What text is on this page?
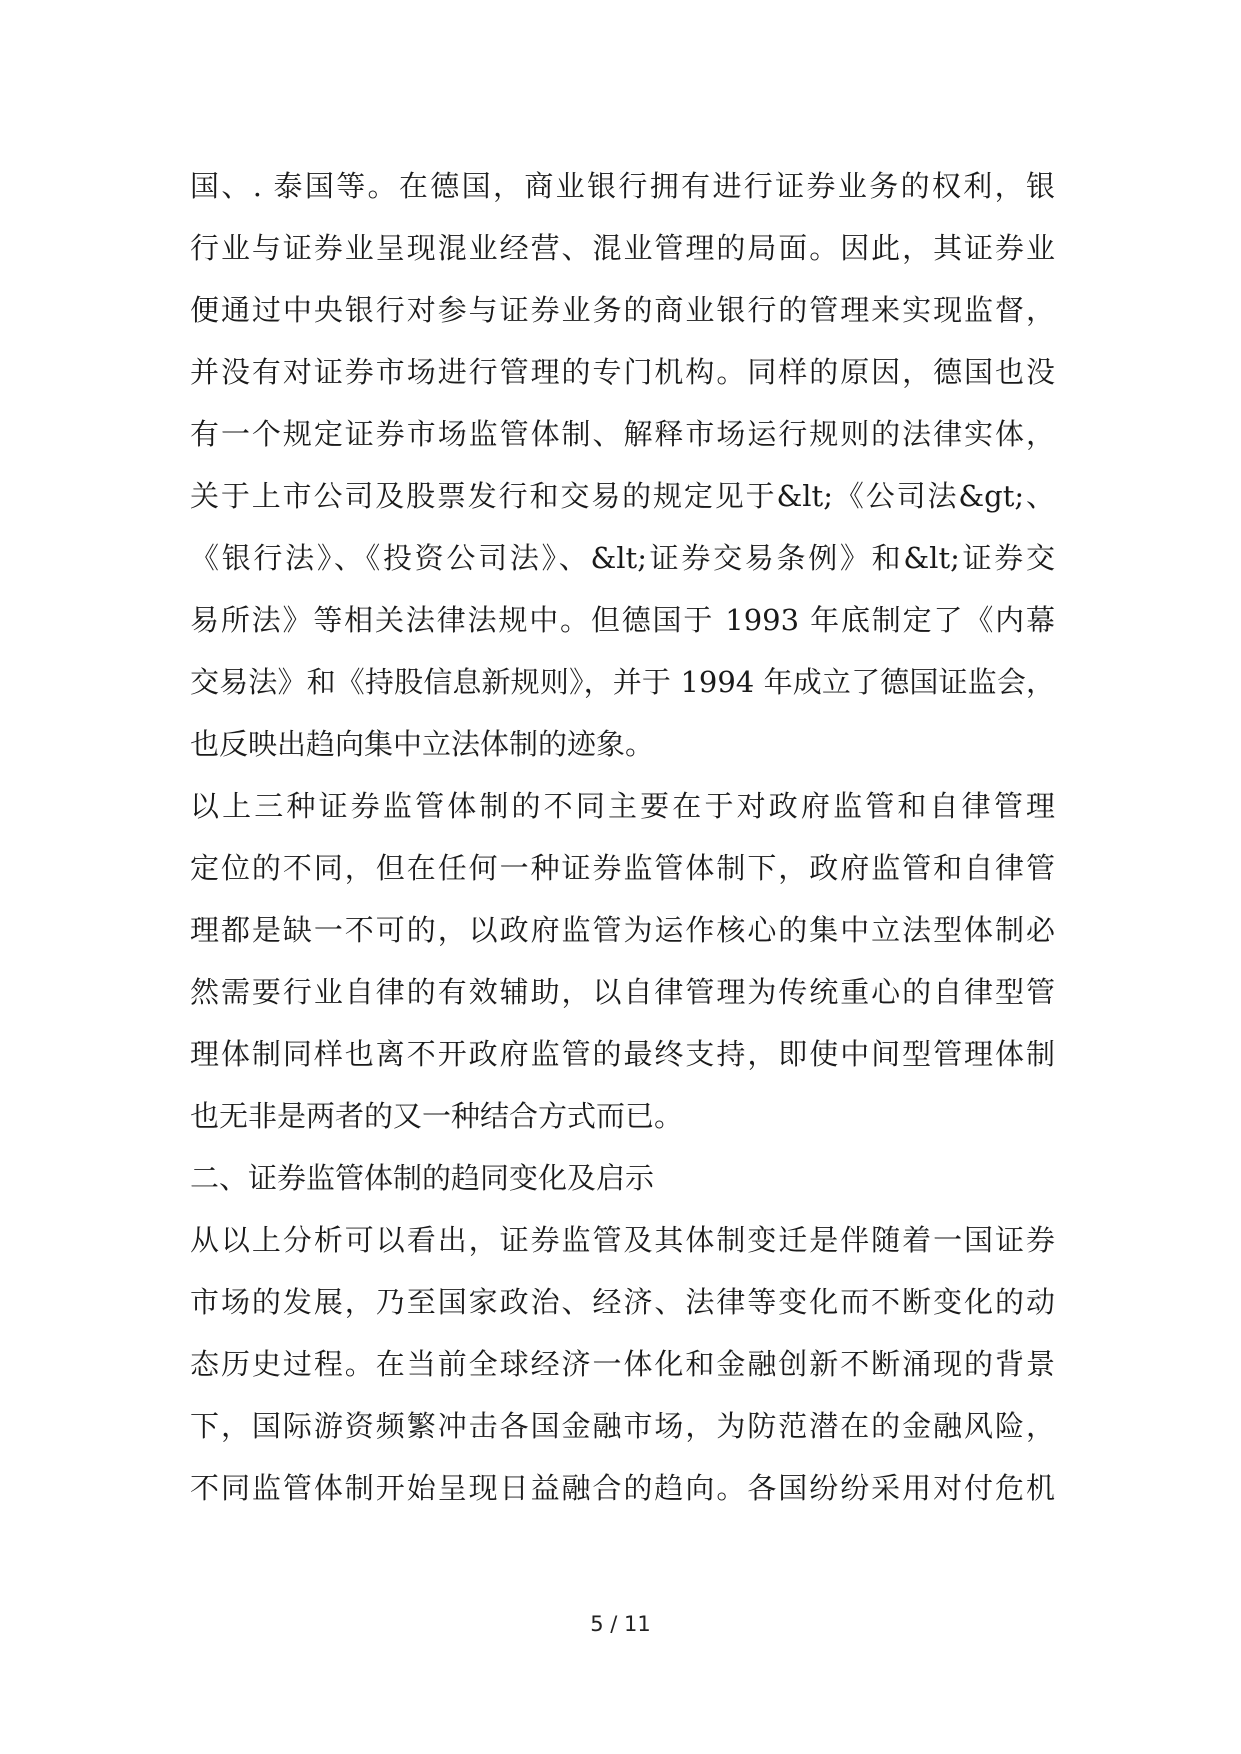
国、. 泰国等。在德国，商业银行拥有进行证券业务的权利，银
行业与证券业呈现混业经营、混业管理的局面。因此，其证券业
便通过中央银行对参与证券业务的商业银行的管理来实现监督，
并没有对证券市场进行管理的专门机构。同样的原因，德国也没
有一个规定证券市场监管体制、解释市场运行规则的法律实体，
关于上市公司及股票发行和交易的规定见于&lt;《公司法&gt;、
《银行法》、《投资公司法》、&lt;证券交易条例》和&lt;证券交
易所法》等相关法律法规中。但德国于 1993 年底制定了《内幕
交易法》和《持股信息新规则》，并于 1994 年成立了德国证监会，
也反映出趋向集中立法体制的迹象。
以上三种证券监管体制的不同主要在于对政府监管和自律管理
定位的不同，但在任何一种证券监管体制下，政府监管和自律管
理都是缺一不可的，以政府监管为运作核心的集中立法型体制必
然需要行业自律的有效辅助，以自律管理为传统重心的自律型管
理体制同样也离不开政府监管的最终支持，即使中间型管理体制
也无非是两者的又一种结合方式而已。
二、证券监管体制的趋同变化及启示
从以上分析可以看出，证券监管及其体制变迁是伴随着一国证券
市场的发展，乃至国家政治、经济、法律等变化而不断变化的动
态历史过程。在当前全球经济一体化和金融创新不断涌现的背景
下，国际游资频繁冲击各国金融市场，为防范潜在的金融风险，
不同监管体制开始呈现日益融合的趋向。各国纷纷采用对付危机
5 / 11
